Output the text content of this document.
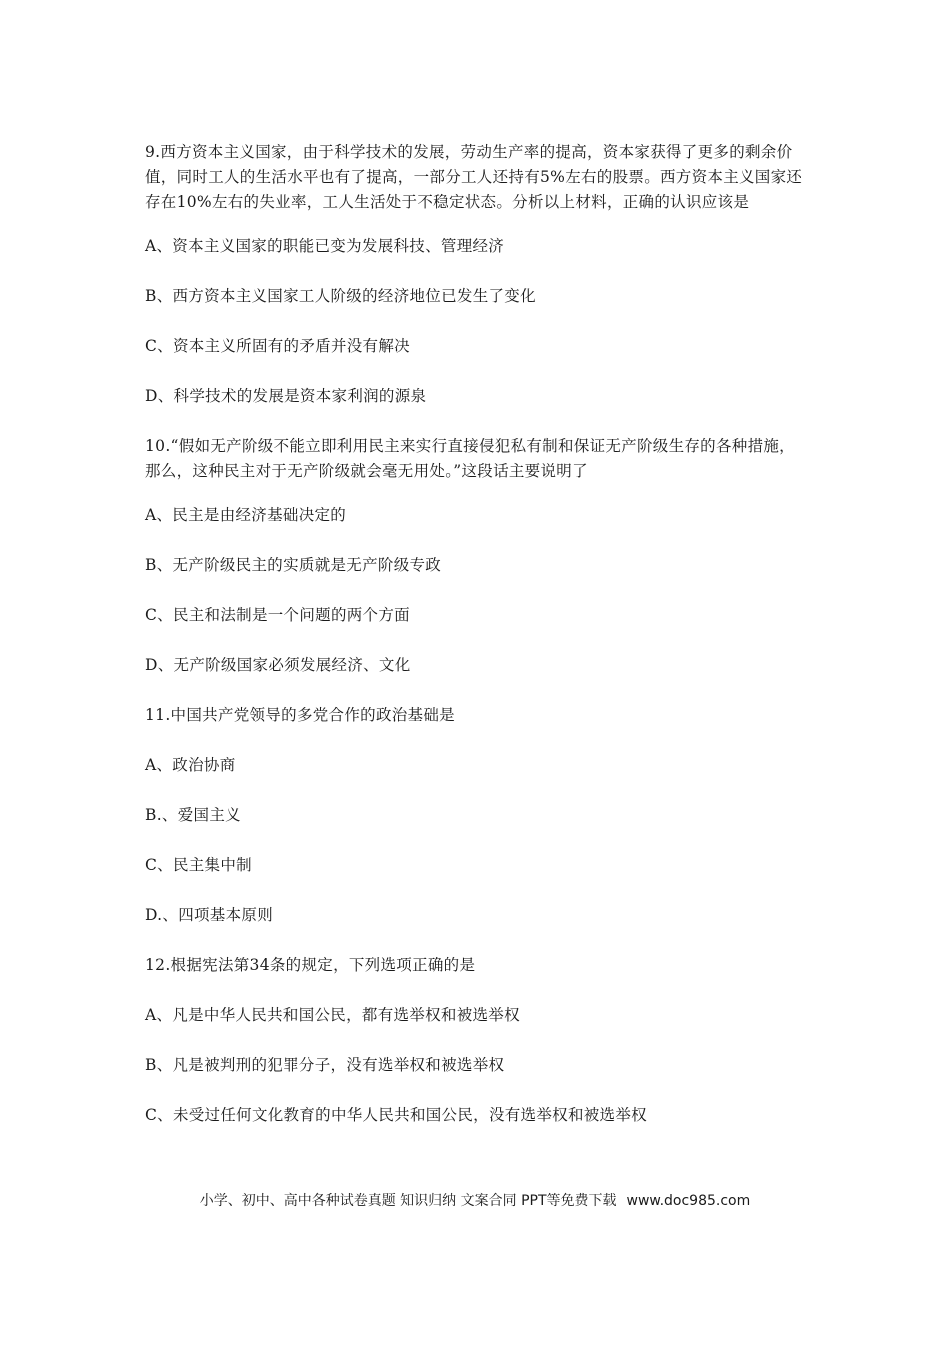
9.西方资本主义国家，由于科学技术的发展，劳动生产率的提高，资本家获得了更多的剩余价值，同时工人的生活水平也有了提高，一部分工人还持有5%左右的股票。西方资本主义国家还存在10%左右的失业率，工人生活处于不稳定状态。分析以上材料，正确的认识应该是

A、资本主义国家的职能已变为发展科技、管理经济

B、西方资本主义国家工人阶级的经济地位已发生了变化

C、资本主义所固有的矛盾并没有解决

D、科学技术的发展是资本家利润的源泉

10.“假如无产阶级不能立即利用民主来实行直接侵犯私有制和保证无产阶级生存的各种措施，那么，这种民主对于无产阶级就会毫无用处。”这段话主要说明了

A、民主是由经济基础决定的

B、无产阶级民主的实质就是无产阶级专政

C、民主和法制是一个问题的两个方面

D、无产阶级国家必须发展经济、文化

11.中国共产党领导的多党合作的政治基础是

A、政治协商

B.、爱国主义

C、民主集中制

D.、四项基本原则

12.根据宪法第34条的规定，下列选项正确的是

A、凡是中华人民共和国公民，都有选举权和被选举权

B、凡是被判刑的犯罪分子，没有选举权和被选举权

C、未受过任何文化教育的中华人民共和国公民，没有选举权和被选举权

小学、初中、高中各种试卷真题 知识归纳 文案合同 PPT等免费下载 www.doc985.com
